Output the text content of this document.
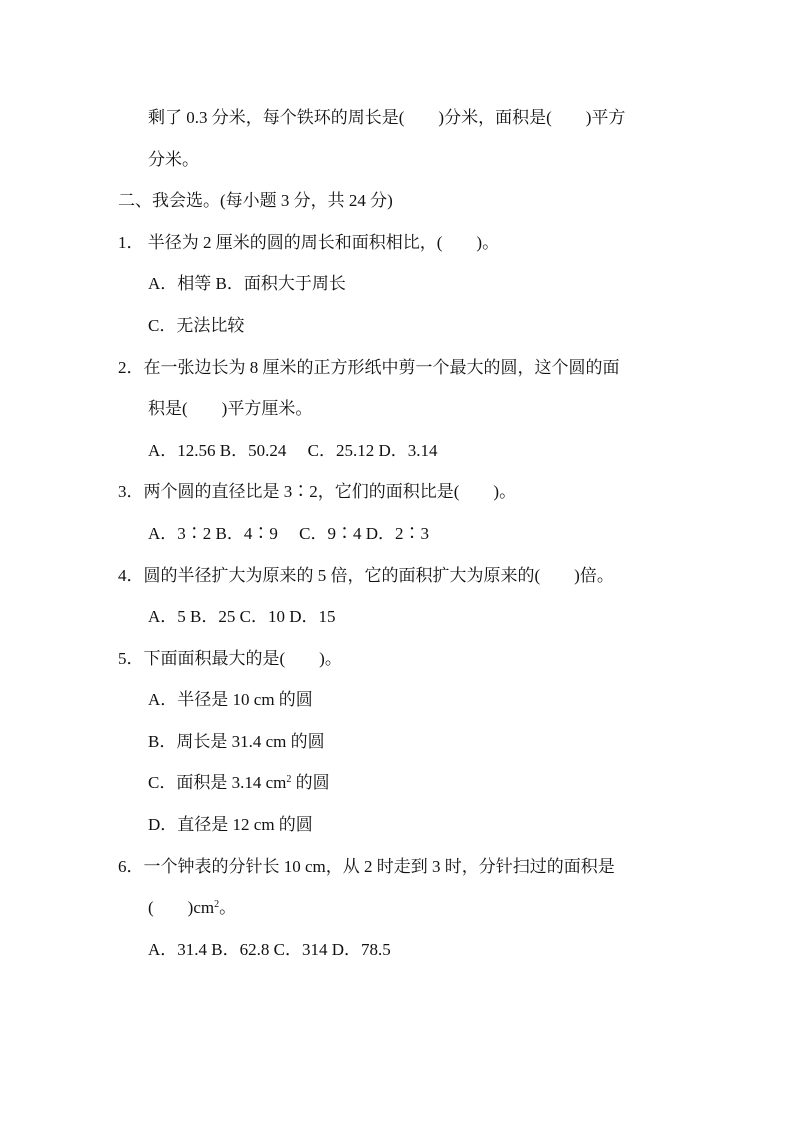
剩了 0.3 分米，每个铁环的周长是(　　)分米，面积是(　　)平方
分米。
二、我会选。(每小题 3 分，共 24 分)
1． 半径为 2 厘米的圆的周长和面积相比，(　　)。
A．相等 B．面积大于周长
C．无法比较
2．在一张边长为 8 厘米的正方形纸中剪一个最大的圆，这个圆的面
积是(　　)平方厘米。
A．12.56 B．50.24　 C．25.12 D．3.14
3．两个圆的直径比是 3∶2，它们的面积比是(　　)。
A．3∶2 B．4∶9　 C．9∶4 D．2∶3
4．圆的半径扩大为原来的 5 倍，它的面积扩大为原来的(　　)倍。
A．5 B．25 C．10 D．15
5．下面面积最大的是(　　)。
A．半径是 10 cm 的圆
B．周长是 31.4 cm 的圆
C．面积是 3.14 $cm^2$ 的圆
D．直径是 12 cm 的圆
6．一个钟表的分针长 10 cm，从 2 时走到 3 时，分针扫过的面积是
(　　)$cm^2$。
A．31.4 B．62.8 C．314 D．78.5
